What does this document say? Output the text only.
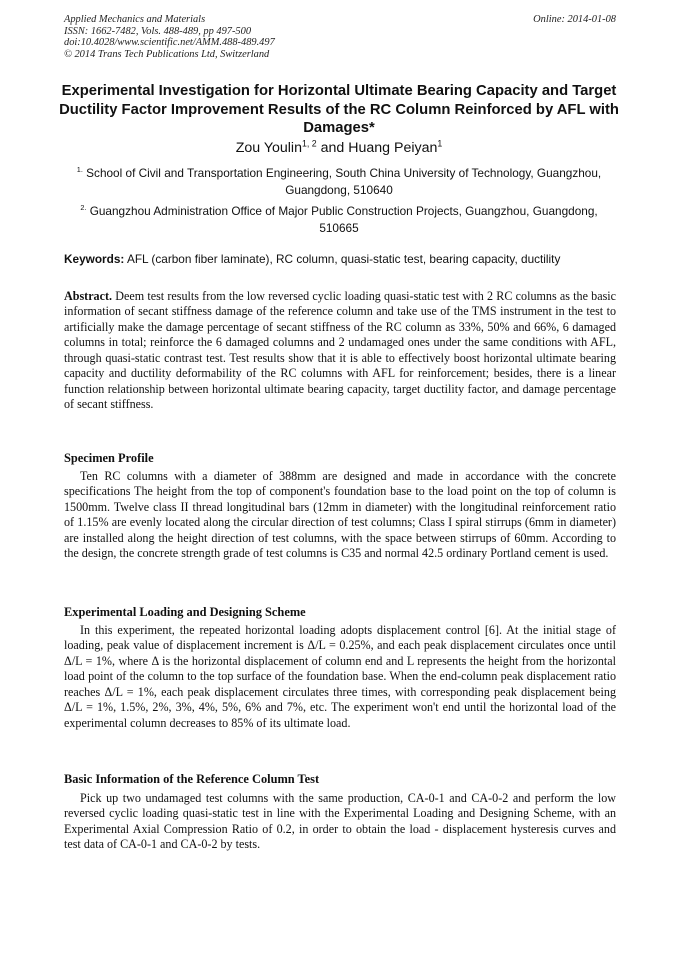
Applied Mechanics and Materials
ISSN: 1662-7482, Vols. 488-489, pp 497-500
doi:10.4028/www.scientific.net/AMM.488-489.497
© 2014 Trans Tech Publications Ltd, Switzerland
Online: 2014-01-08
Experimental Investigation for Horizontal Ultimate Bearing Capacity and Target Ductility Factor Improvement Results of the RC Column Reinforced by AFL with Damages*
Zou Youlin$^{1, 2}$ and Huang Peiyan$^1$
$^{1.}$ School of Civil and Transportation Engineering, South China University of Technology, Guangzhou, Guangdong, 510640
$^{2.}$ Guangzhou Administration Office of Major Public Construction Projects, Guangzhou, Guangdong, 510665
Keywords: AFL (carbon fiber laminate), RC column, quasi-static test, bearing capacity, ductility
Abstract. Deem test results from the low reversed cyclic loading quasi-static test with 2 RC columns as the basic information of secant stiffness damage of the reference column and take use of the TMS instrument in the test to artificially make the damage percentage of secant stiffness of the RC column as 33%, 50% and 66%, 6 damaged columns in total; reinforce the 6 damaged columns and 2 undamaged ones under the same conditions with AFL, through quasi-static contrast test. Test results show that it is able to effectively boost horizontal ultimate bearing capacity and ductility deformability of the RC columns with AFL for reinforcement; besides, there is a linear function relationship between horizontal ultimate bearing capacity, target ductility factor, and damage percentage of secant stiffness.
Specimen Profile
Ten RC columns with a diameter of 388mm are designed and made in accordance with the concrete specifications The height from the top of component's foundation base to the load point on the top of column is 1500mm. Twelve class II thread longitudinal bars (12mm in diameter) with the longitudinal reinforcement ratio of 1.15% are evenly located along the circular direction of test columns; Class I spiral stirrups (6mm in diameter) are installed along the height direction of test columns, with the space between stirrups of 60mm. According to the design, the concrete strength grade of test columns is C35 and normal 42.5 ordinary Portland cement is used.
Experimental Loading and Designing Scheme
In this experiment, the repeated horizontal loading adopts displacement control [6]. At the initial stage of loading, peak value of displacement increment is Δ/L = 0.25%, and each peak displacement circulates once until Δ/L = 1%, where Δ is the horizontal displacement of column end and L represents the height from the horizontal load point of the column to the top surface of the foundation base. When the end-column peak displacement ratio reaches Δ/L = 1%, each peak displacement circulates three times, with corresponding peak displacement being Δ/L = 1%, 1.5%, 2%, 3%, 4%, 5%, 6% and 7%, etc. The experiment won't end until the horizontal load of the experimental column decreases to 85% of its ultimate load.
Basic Information of the Reference Column Test
Pick up two undamaged test columns with the same production, CA-0-1 and CA-0-2 and perform the low reversed cyclic loading quasi-static test in line with the Experimental Loading and Designing Scheme, with an Experimental Axial Compression Ratio of 0.2, in order to obtain the load - displacement hysteresis curves and test data of CA-0-1 and CA-0-2 by tests.
